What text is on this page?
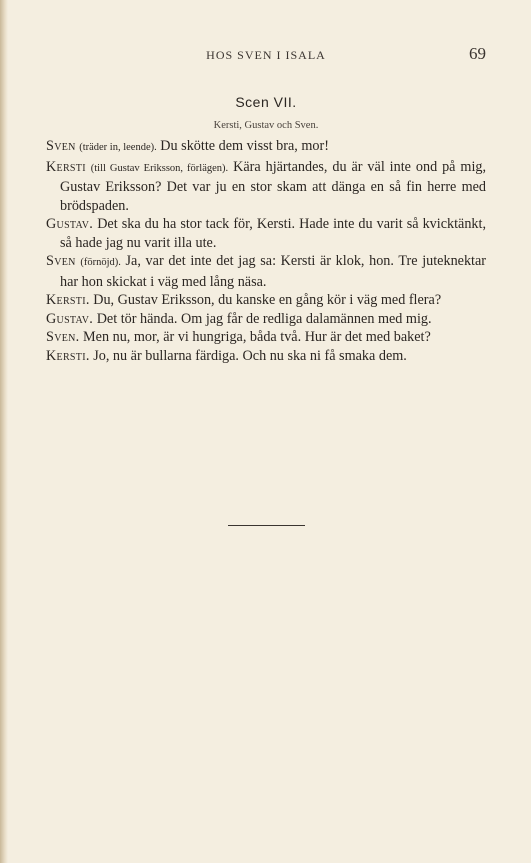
HOS SVEN I ISALA	69
Scen VII.
Kersti, Gustav och Sven.

Sven (träder in, leende). Du skötte dem visst bra, mor!

Kersti (till Gustav Eriksson, förlägen). Kära hjärtandes, du är väl inte ond på mig, Gustav Eriksson? Det var ju en stor skam att dänga en så fin herre med brödspaden.

Gustav. Det ska du ha stor tack för, Kersti. Hade inte du varit så kvicktänkt, så hade jag nu varit illa ute.

Sven (förnöjd). Ja, var det inte det jag sa: Kersti är klok, hon. Tre juteknektar har hon skickat i väg med lång näsa.

Kersti. Du, Gustav Eriksson, du kanske en gång kör i väg med flera?

Gustav. Det tör hända. Om jag får de redliga dalamännen med mig.

Sven. Men nu, mor, är vi hungriga, båda två. Hur är det med baket?

Kersti. Jo, nu är bullarna färdiga. Och nu ska ni få smaka dem.
